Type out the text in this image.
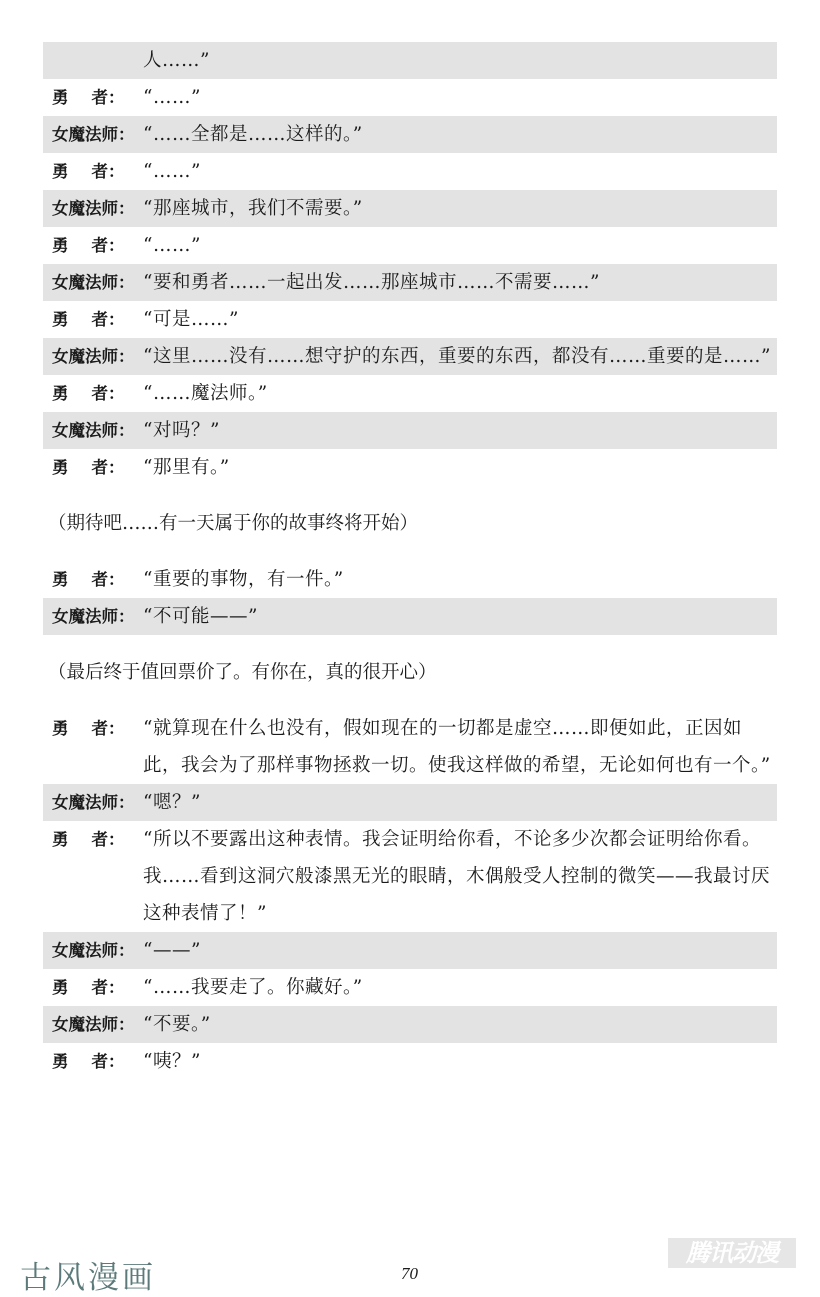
人……”
勇    者：	“……”
女魔法师： “……全都是……这样的。”
勇    者：	“……”
女魔法师： “那座城市，我们不需要。”
勇    者：	“……”
女魔法师： “要和勇者……一起出发……那座城市……不需要……”
勇    者：	“可是……”
女魔法师： “这里……没有……想守护的东西，重要的东西，都没有……重要的是……”
勇    者：	“……魔法师。”
女魔法师： “对吗？”
勇    者：	“那里有。”
（期待吧……有一天属于你的故事终将开始）
勇    者：	“重要的事物，有一件。”
女魔法师： “不可能——”
（最后终于值回票价了。有你在，真的很开心）
勇    者：	“就算现在什么也没有，假如现在的一切都是虚空……即便如此，正因如此，我会为了那样事物拯救一切。使我这样做的希望，无论如何也有一个。”
女魔法师： “嗯？”
勇    者：	“所以不要露出这种表情。我会证明给你看，不论多少次都会证明给你看。我……看到这洞穴般漆黑无光的眼睛，木偶般受人控制的微笑——我最讨厌这种表情了！”
女魔法师： “——”
勇    者：	“……我要走了。你藏好。”
女魔法师： “不要。”
勇    者：	“咦？”
古风漫画	70
腾讯动漫
